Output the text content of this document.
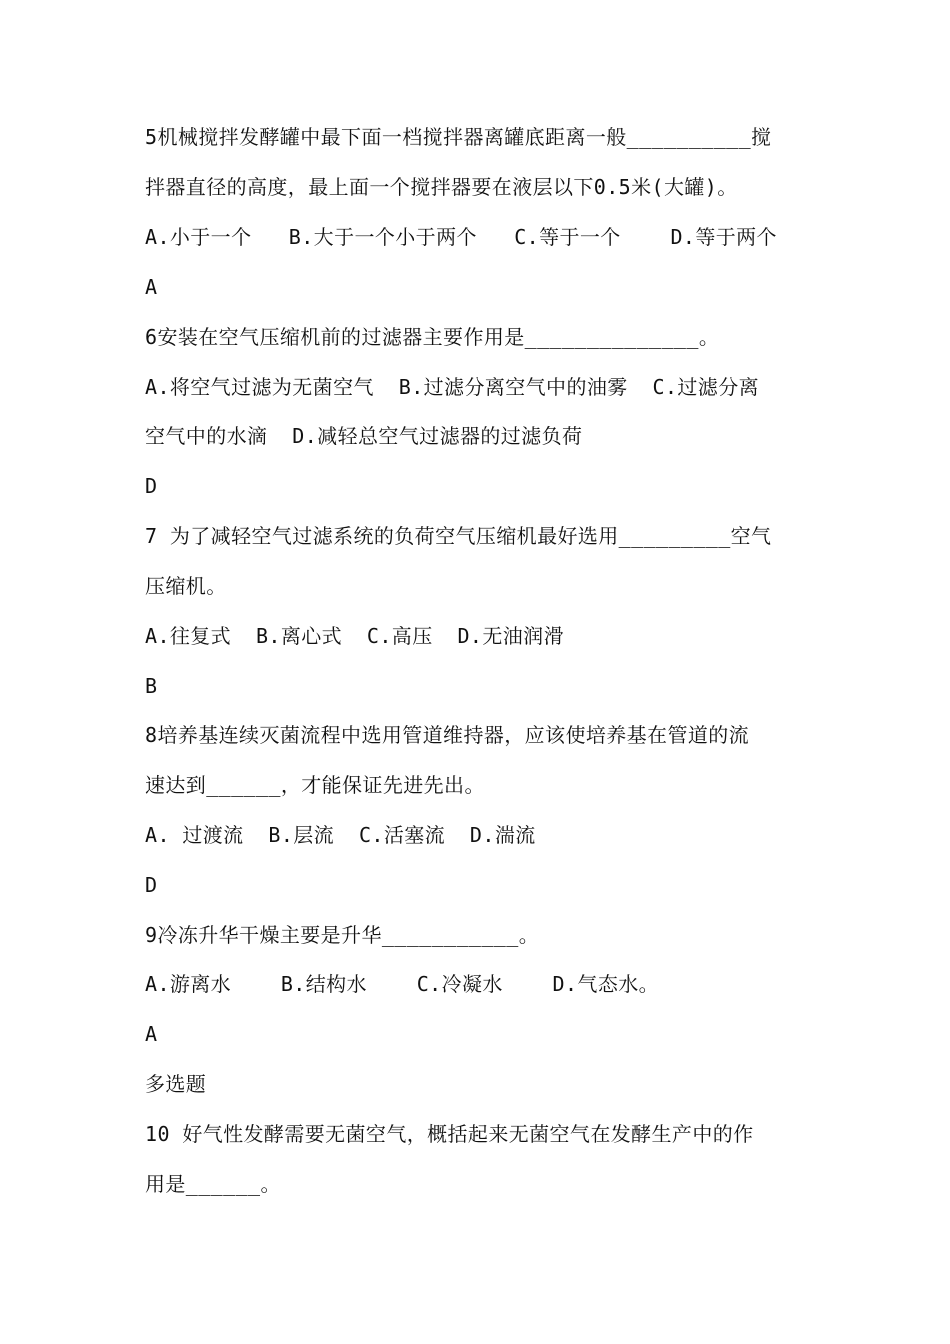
5机械搅拌发酵罐中最下面一档搅拌器离罐底距离一般__________搅
拌器直径的高度，最上面一个搅拌器要在液层以下0.5米(大罐)。
A.小于一个   B.大于一个小于两个   C.等于一个    D.等于两个
A
6安装在空气压缩机前的过滤器主要作用是______________。
A.将空气过滤为无菌空气  B.过滤分离空气中的油雾  C.过滤分离
空气中的水滴  D.减轻总空气过滤器的过滤负荷
D
7 为了减轻空气过滤系统的负荷空气压缩机最好选用_________空气
压缩机。
A.往复式  B.离心式  C.高压  D.无油润滑
B
8培养基连续灭菌流程中选用管道维持器，应该使培养基在管道的流
速达到______，才能保证先进先出。
A. 过渡流  B.层流  C.活塞流  D.湍流
D
9冷冻升华干燥主要是升华___________。
A.游离水    B.结构水    C.冷凝水    D.气态水。
A
多选题
10 好气性发酵需要无菌空气，概括起来无菌空气在发酵生产中的作
用是______。
